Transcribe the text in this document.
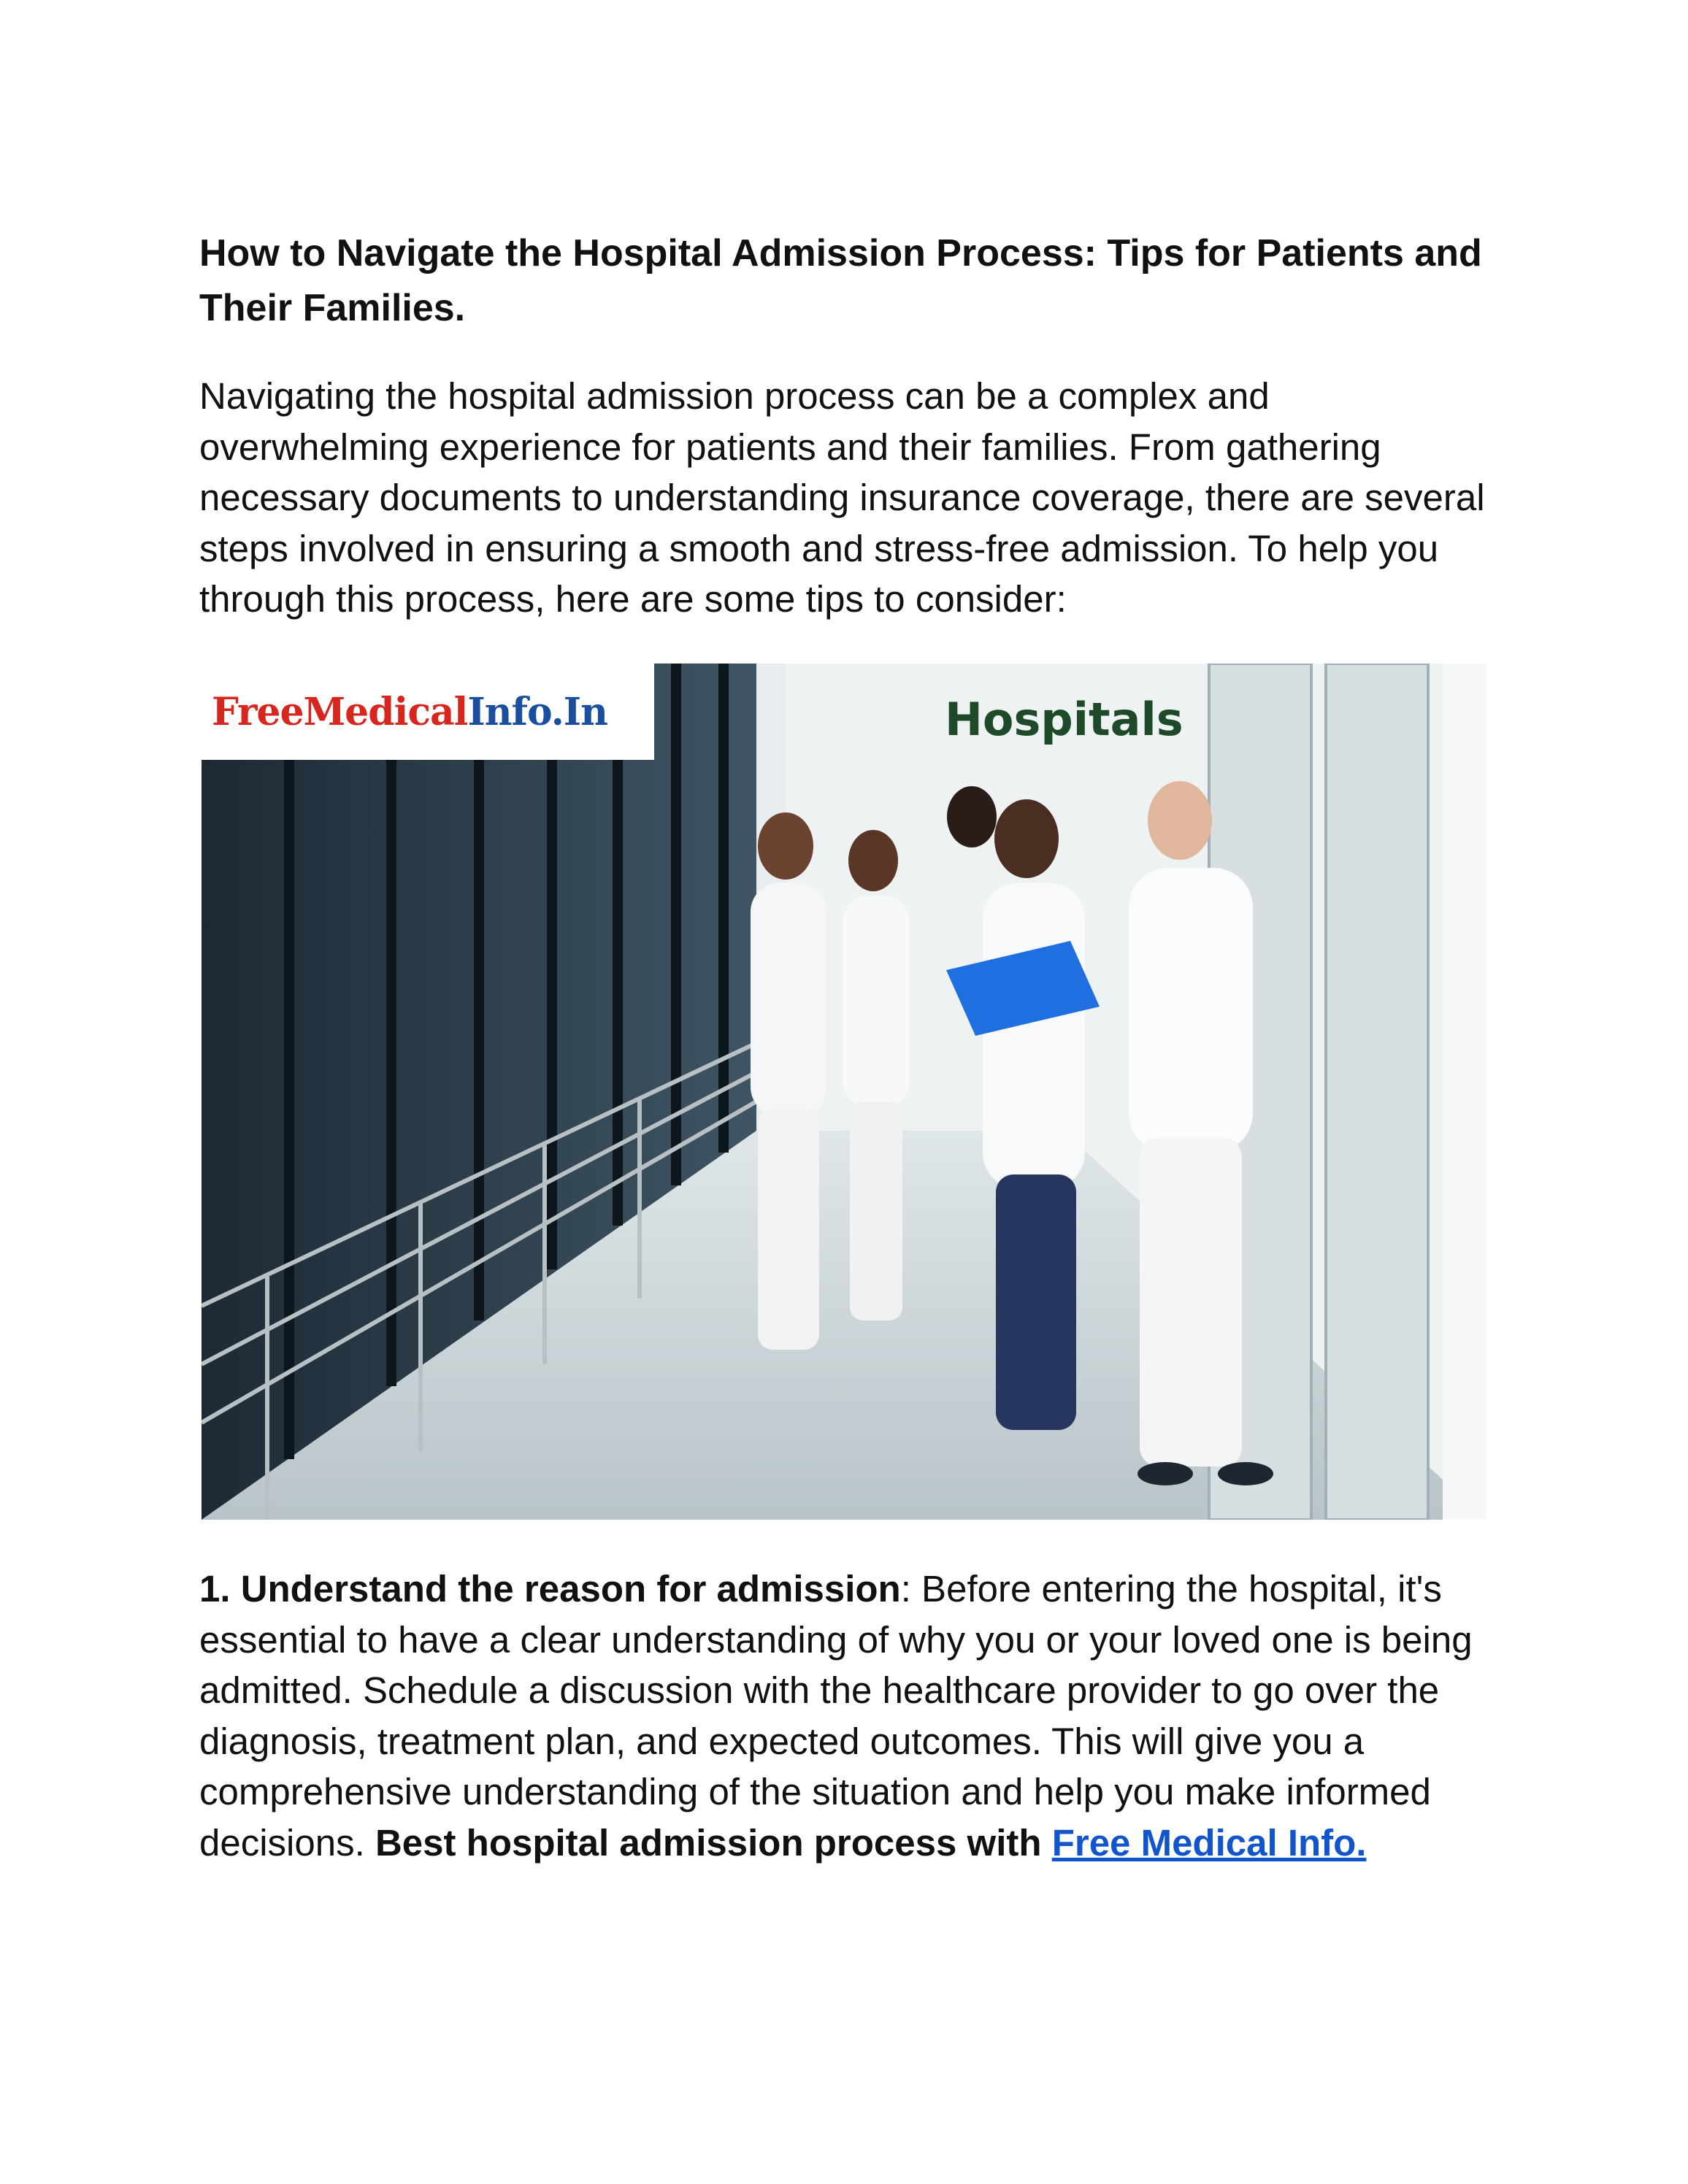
How to Navigate the Hospital Admission Process: Tips for Patients and Their Families.

Navigating the hospital admission process can be a complex and overwhelming experience for patients and their families. From gathering necessary documents to understanding insurance coverage, there are several steps involved in ensuring a smooth and stress-free admission. To help you through this process, here are some tips to consider:

FreeMedicalInfo.In	Hospitals

1. Understand the reason for admission: Before entering the hospital, it's essential to have a clear understanding of why you or your loved one is being admitted. Schedule a discussion with the healthcare provider to go over the diagnosis, treatment plan, and expected outcomes. This will give you a comprehensive understanding of the situation and help you make informed decisions. Best hospital admission process with Free Medical Info.
